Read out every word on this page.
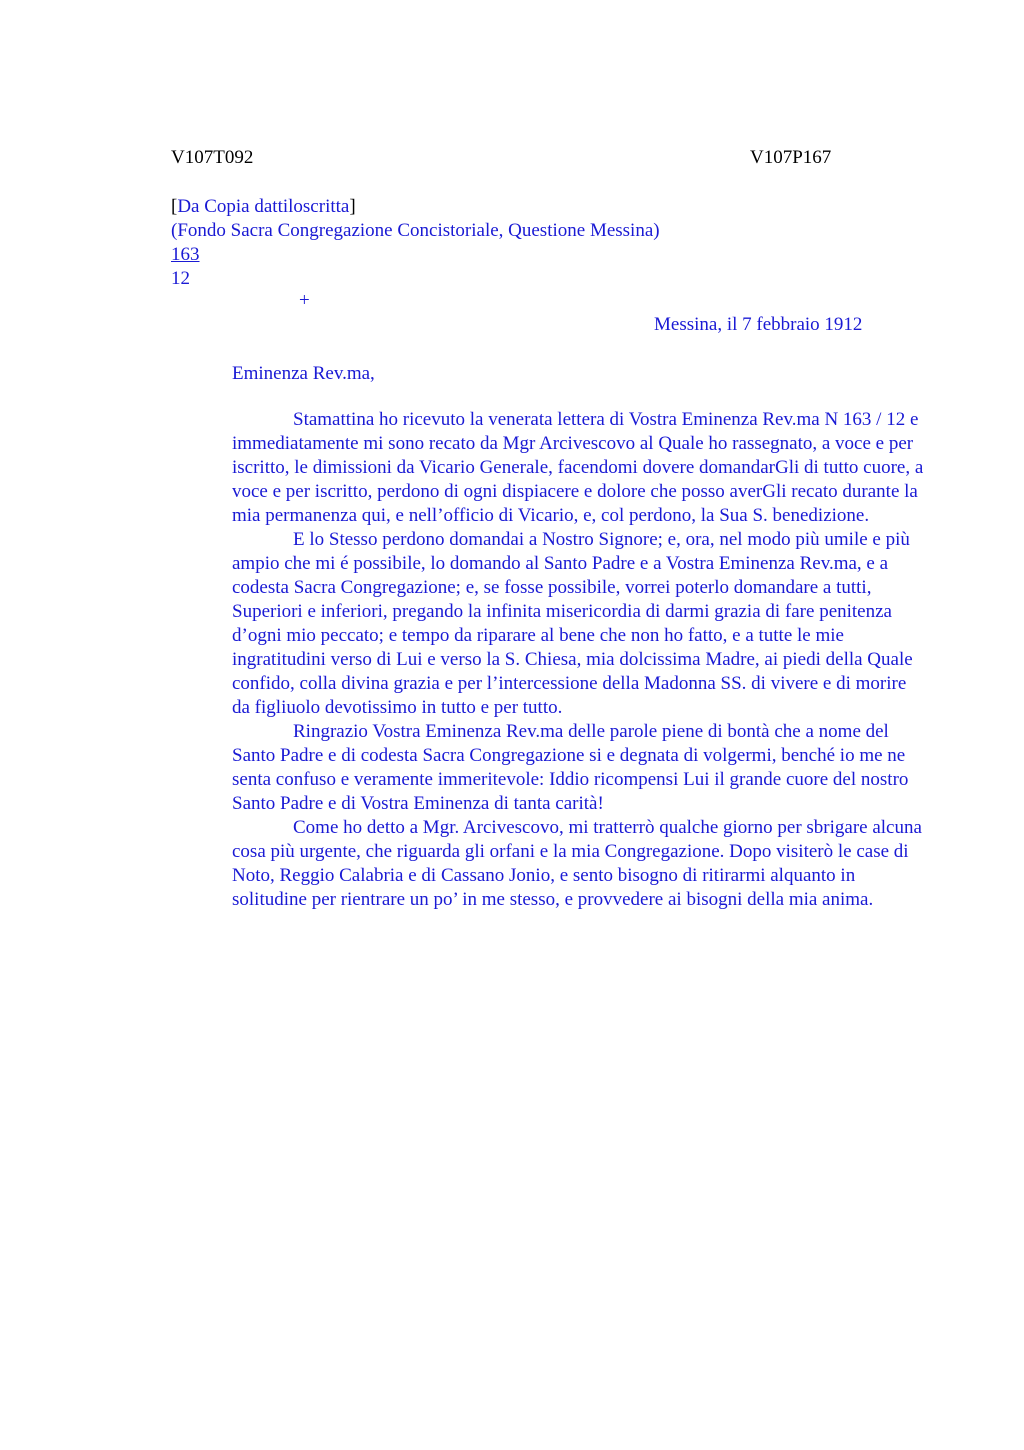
V107T092	V107P167
[Da Copia dattiloscritta]
(Fondo Sacra Congregazione Concistoriale, Questione Messina)
163
12
+
Messina, il 7 febbraio 1912
Eminenza Rev.ma,
Stamattina ho ricevuto la venerata lettera di Vostra Eminenza Rev.ma N 163 / 12 e
immediatamente mi sono recato da Mgr Arcivescovo al Quale ho rassegnato, a voce e per
iscritto, le dimissioni da Vicario Generale, facendomi dovere domandarGli di tutto cuore, a
voce e per iscritto, perdono di ogni dispiacere e dolore che posso averGli recato durante la
mia permanenza qui, e nell’officio di Vicario, e, col perdono, la Sua S. benedizione.
E lo Stesso perdono domandai a Nostro Signore; e, ora, nel modo più umile e più
ampio che mi é possibile, lo domando al Santo Padre e a Vostra Eminenza Rev.ma, e a
codesta Sacra Congregazione; e, se fosse possibile, vorrei poterlo domandare a tutti,
Superiori e inferiori, pregando la infinita misericordia di darmi grazia di fare penitenza
d’ogni mio peccato; e tempo da riparare al bene che non ho fatto, e a tutte le mie
ingratitudini verso di Lui e verso la S. Chiesa, mia dolcissima Madre, ai piedi della Quale
confido, colla divina grazia e per l’intercessione della Madonna SS. di vivere e di morire
da figliuolo devotissimo in tutto e per tutto.
Ringrazio Vostra Eminenza Rev.ma delle parole piene di bontà che a nome del
Santo Padre e di codesta Sacra Congregazione si e degnata di volgermi, benché io me ne
senta confuso e veramente immeritevole: Iddio ricompensi Lui il grande cuore del nostro
Santo Padre e di Vostra Eminenza di tanta carità!
Come ho detto a Mgr. Arcivescovo, mi tratterrò qualche giorno per sbrigare alcuna
cosa più urgente, che riguarda gli orfani e la mia Congregazione. Dopo visiterò le case di
Noto, Reggio Calabria e di Cassano Jonio, e sento bisogno di ritirarmi alquanto in
solitudine per rientrare un po’ in me stesso, e provvedere ai bisogni della mia anima.
